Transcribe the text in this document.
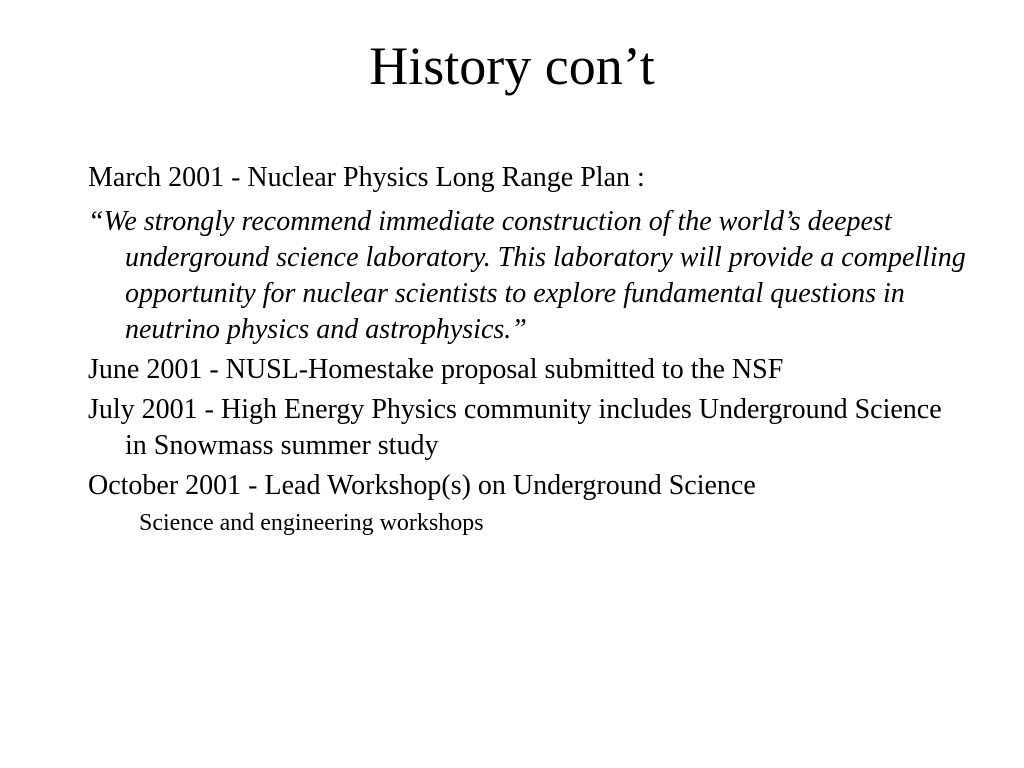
History con’t

March 2001 - Nuclear Physics Long Range Plan :

“We strongly recommend immediate construction of the world’s deepest underground science laboratory. This laboratory will provide a compelling opportunity for nuclear scientists to explore fundamental questions in neutrino physics and astrophysics.”

June 2001 - NUSL-Homestake proposal submitted to the NSF

July 2001 - High Energy Physics community includes Underground Science in Snowmass summer study

October 2001 - Lead Workshop(s) on Underground Science

Science and engineering workshops
